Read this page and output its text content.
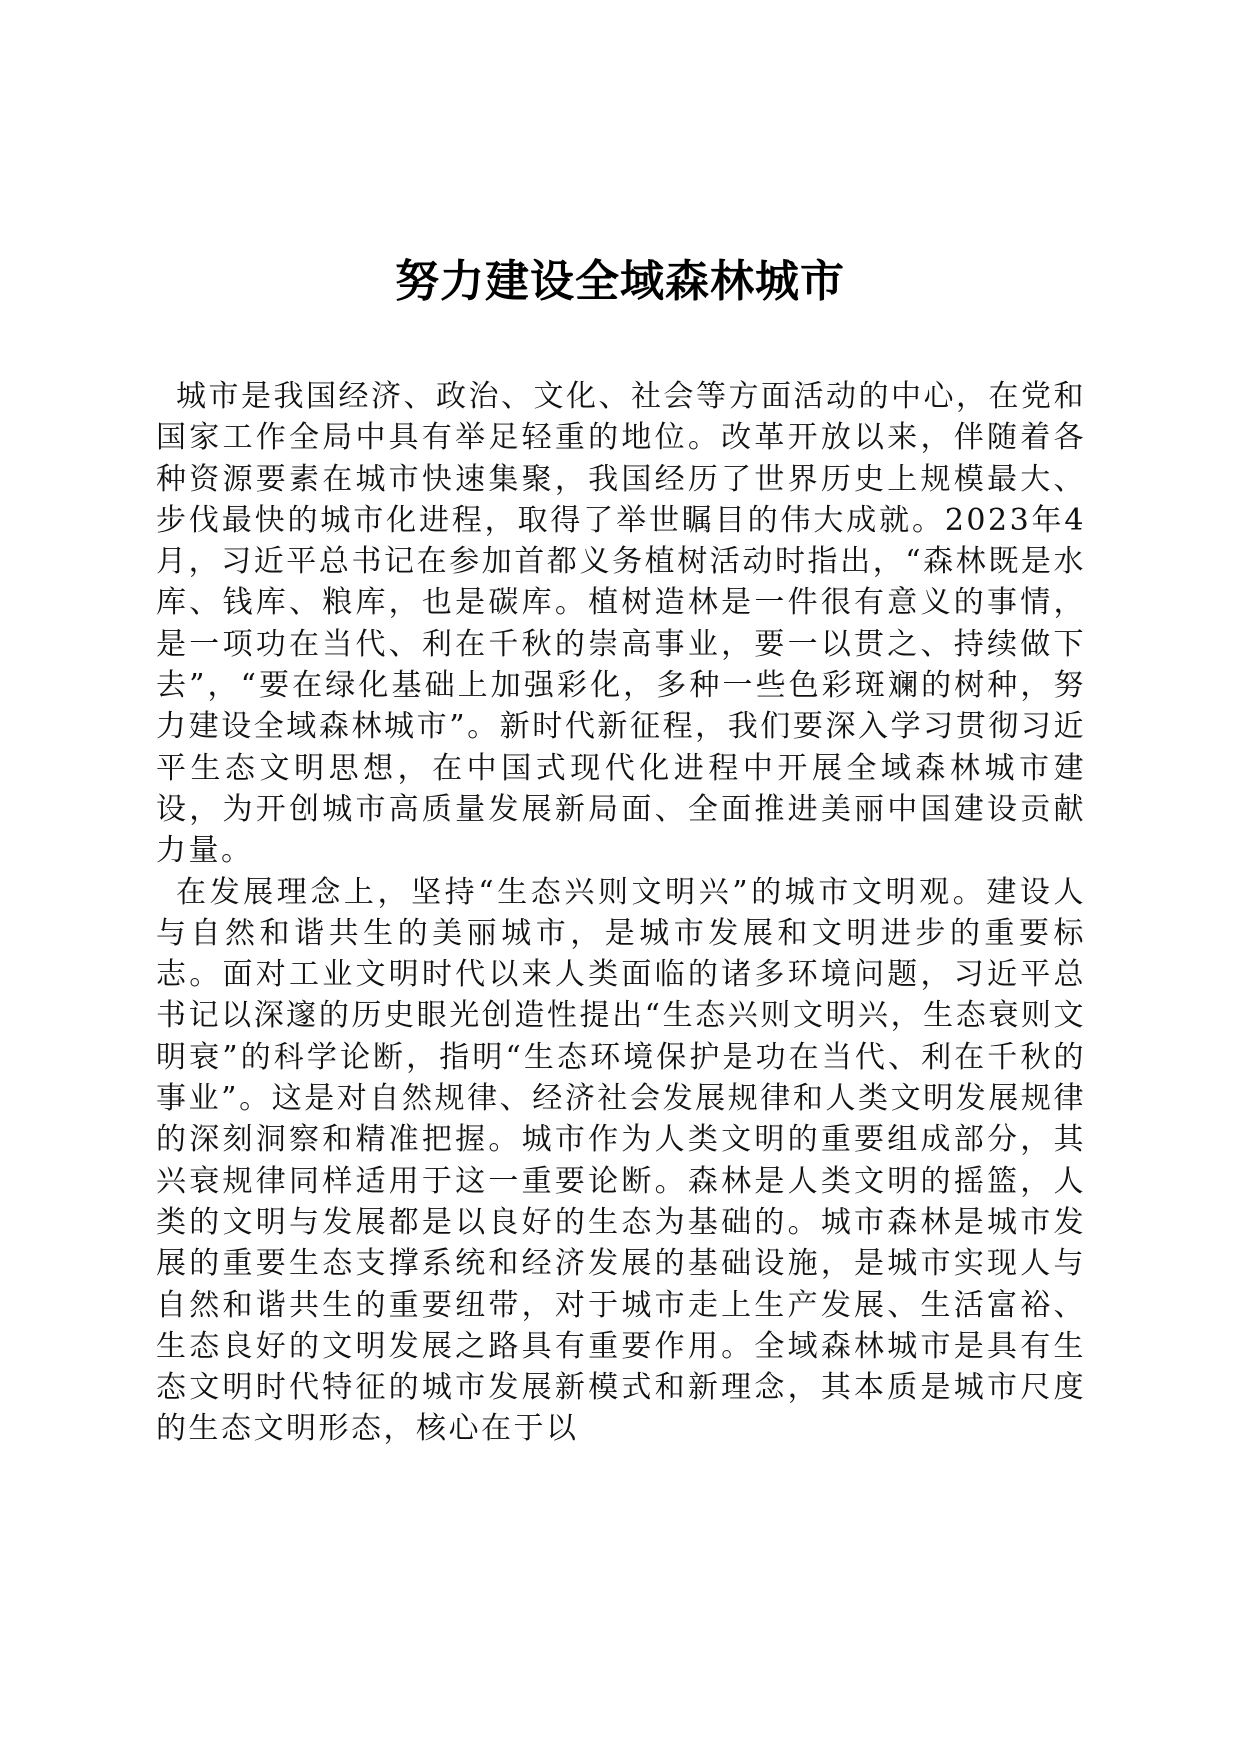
努力建设全域森林城市

城市是我国经济、政治、文化、社会等方面活动的中心，在党和国家工作全局中具有举足轻重的地位。改革开放以来，伴随着各种资源要素在城市快速集聚，我国经历了世界历史上规模最大、步伐最快的城市化进程，取得了举世瞩目的伟大成就。2023年4月，习近平总书记在参加首都义务植树活动时指出，“森林既是水库、钱库、粮库，也是碳库。植树造林是一件很有意义的事情，是一项功在当代、利在千秋的崇高事业，要一以贯之、持续做下去”，“要在绿化基础上加强彩化，多种一些色彩斑斓的树种，努力建设全域森林城市”。新时代新征程，我们要深入学习贯彻习近平生态文明思想，在中国式现代化进程中开展全域森林城市建设，为开创城市高质量发展新局面、全面推进美丽中国建设贡献力量。

在发展理念上，坚持“生态兴则文明兴”的城市文明观。建设人与自然和谐共生的美丽城市，是城市发展和文明进步的重要标志。面对工业文明时代以来人类面临的诸多环境问题，习近平总书记以深邃的历史眼光创造性提出“生态兴则文明兴，生态衰则文明衰”的科学论断，指明“生态环境保护是功在当代、利在千秋的事业”。这是对自然规律、经济社会发展规律和人类文明发展规律的深刻洞察和精准把握。城市作为人类文明的重要组成部分，其兴衰规律同样适用于这一重要论断。森林是人类文明的摇篮，人类的文明与发展都是以良好的生态为基础的。城市森林是城市发展的重要生态支撑系统和经济发展的基础设施，是城市实现人与自然和谐共生的重要纽带，对于城市走上生产发展、生活富裕、生态良好的文明发展之路具有重要作用。全域森林城市是具有生态文明时代特征的城市发展新模式和新理念，其本质是城市尺度的生态文明形态，核心在于以
